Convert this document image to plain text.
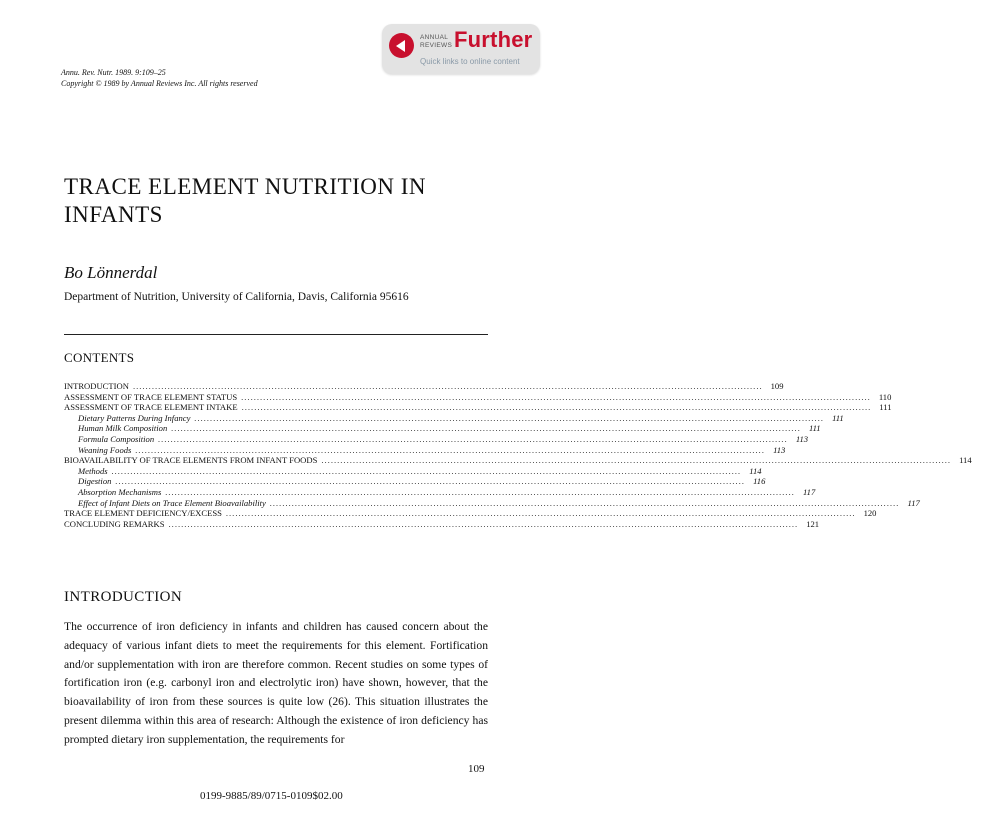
ANNUAL
REVIEWS Further
Quick links to online content
Annu. Rev. Nutr. 1989. 9:109–25
Copyright © 1989 by Annual Reviews Inc. All rights reserved
TRACE ELEMENT NUTRITION IN INFANTS
Bo Lönnerdal
Department of Nutrition, University of California, Davis, California 95616
CONTENTS
INTRODUCTION ........................................................................................................................................................................................................ 109
ASSESSMENT OF TRACE ELEMENT STATUS ........................................................................................................................................................................................................ 110
ASSESSMENT OF TRACE ELEMENT INTAKE ........................................................................................................................................................................................................ 111
Dietary Patterns During Infancy ........................................................................................................................................................................................................ 111
Human Milk Composition ........................................................................................................................................................................................................ 111
Formula Composition ........................................................................................................................................................................................................ 113
Weaning Foods ........................................................................................................................................................................................................ 113
BIOAVAILABILITY OF TRACE ELEMENTS FROM INFANT FOODS ........................................................................................................................................................................................................ 114
Methods ........................................................................................................................................................................................................ 114
Digestion ........................................................................................................................................................................................................ 116
Absorption Mechanisms ........................................................................................................................................................................................................ 117
Effect of Infant Diets on Trace Element Bioavailability ........................................................................................................................................................................................................ 117
TRACE ELEMENT DEFICIENCY/EXCESS ........................................................................................................................................................................................................ 120
CONCLUDING REMARKS ........................................................................................................................................................................................................ 121
INTRODUCTION

The occurrence of iron deficiency in infants and children has caused concern about the adequacy of various infant diets to meet the requirements for this element. Fortification and/or supplementation with iron are therefore common. Recent studies on some types of fortification iron (e.g. carbonyl iron and electrolytic iron) have shown, however, that the bioavailability of iron from these sources is quite low (26). This situation illustrates the present dilemma within this area of research: Although the existence of iron deficiency has prompted dietary iron supplementation, the requirements for

109
0199-9885/89/0715-0109$02.00
